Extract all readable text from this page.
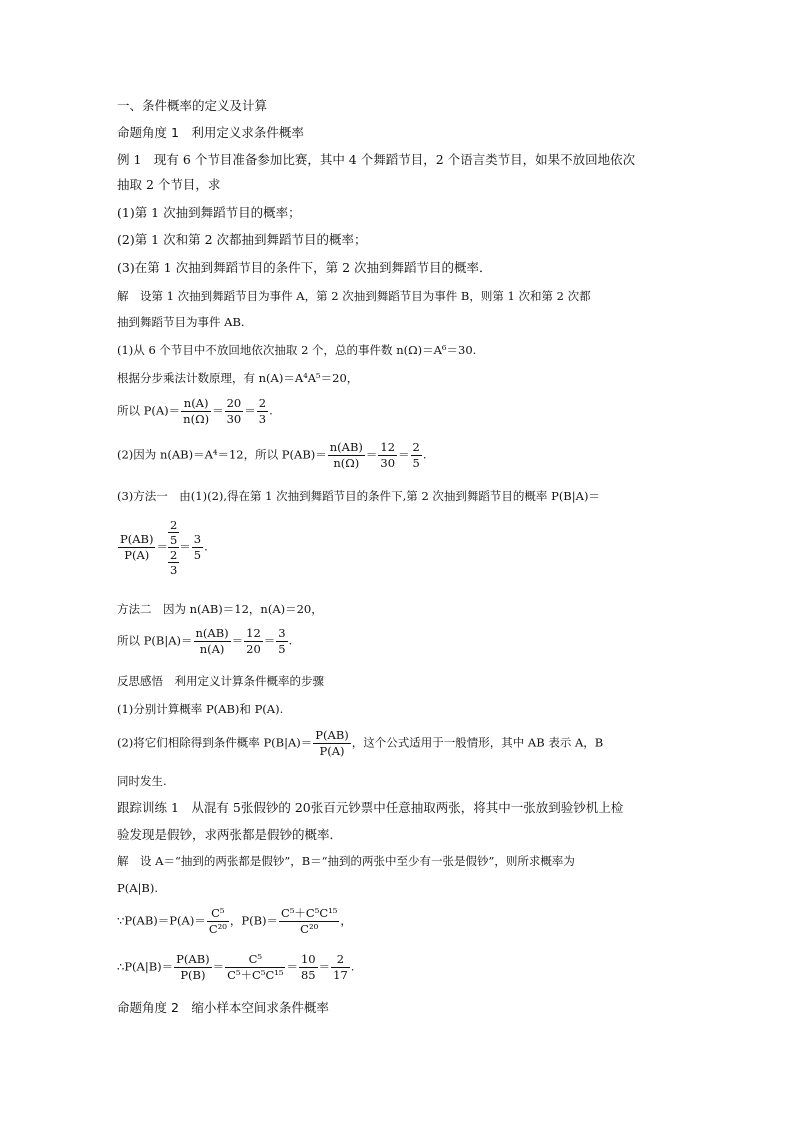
一、条件概率的定义及计算
命题角度 1　利用定义求条件概率
例 1　现有 6 个节目准备参加比赛，其中 4 个舞蹈节目，2 个语言类节目，如果不放回地依次
抽取 2 个节目，求
(1)第 1 次抽到舞蹈节目的概率；
(2)第 1 次和第 2 次都抽到舞蹈节目的概率；
(3)在第 1 次抽到舞蹈节目的条件下，第 2 次抽到舞蹈节目的概率．
解　设第 1 次抽到舞蹈节目为事件 A，第 2 次抽到舞蹈节目为事件 B，则第 1 次和第 2 次都
抽到舞蹈节目为事件 AB.
(1)从 6 个节目中不放回地依次抽取 2 个，总的事件数 n(Ω)＝A⁶＝30.
根据分步乘法计数原理，有 n(A)＝A⁴A⁵＝20，
所以 $P(A)= \frac{n(A)}{n(\Omega)} = \frac{20}{30} = \frac{2}{3}$ .
(2)因为 n(AB)＝A⁴＝12，所以 $P(AB)= \frac{n(AB)}{n(\Omega)} = \frac{12}{30} = \frac{2}{5}$ .
(3)方法一　由(1)(2),得在第 1 次抽到舞蹈节目的条件下,第 2 次抽到舞蹈节目的概率 P(B|A)＝
$\frac{P(AB)}{P(A)}$ ＝
2
5
2
3
＝ $\frac{3}{5}$ .
方法二　因为 n(AB)＝12，n(A)＝20，
所以 $P(B|A)= \frac{n(AB)}{n(A)} = \frac{12}{20} = \frac{3}{5}$ .
反思感悟　利用定义计算条件概率的步骤
(1)分别计算概率 P(AB)和 P(A).
(2)将它们相除得到条件概率 $P(B|A)= \frac{P(AB)}{P(A)}$ ，这个公式适用于一般情形，其中 AB 表示 A，B
同时发生.
跟踪训练 1　从混有 5张假钞的 20张百元钞票中任意抽取两张，将其中一张放到验钞机上检
验发现是假钞，求两张都是假钞的概率．
解　设 A＝“抽到的两张都是假钞”，B＝“抽到的两张中至少有一张是假钞”，则所求概率为
P(A|B).
∵P(AB)＝P(A)＝ $\frac{\text{C⁵}}{\text{C²⁰}}$ ，$P(B)= \frac{\text{C⁵＋C⁵C¹⁵}}{\text{C²⁰}}$ ，
∴P(A|B)＝ $\frac{P(AB)}{P(B)} = \frac{\text{C⁵}}{\text{C⁵＋C⁵C¹⁵}} = \frac{10}{85} = \frac{2}{17}$ .
命题角度 2　缩小样本空间求条件概率
